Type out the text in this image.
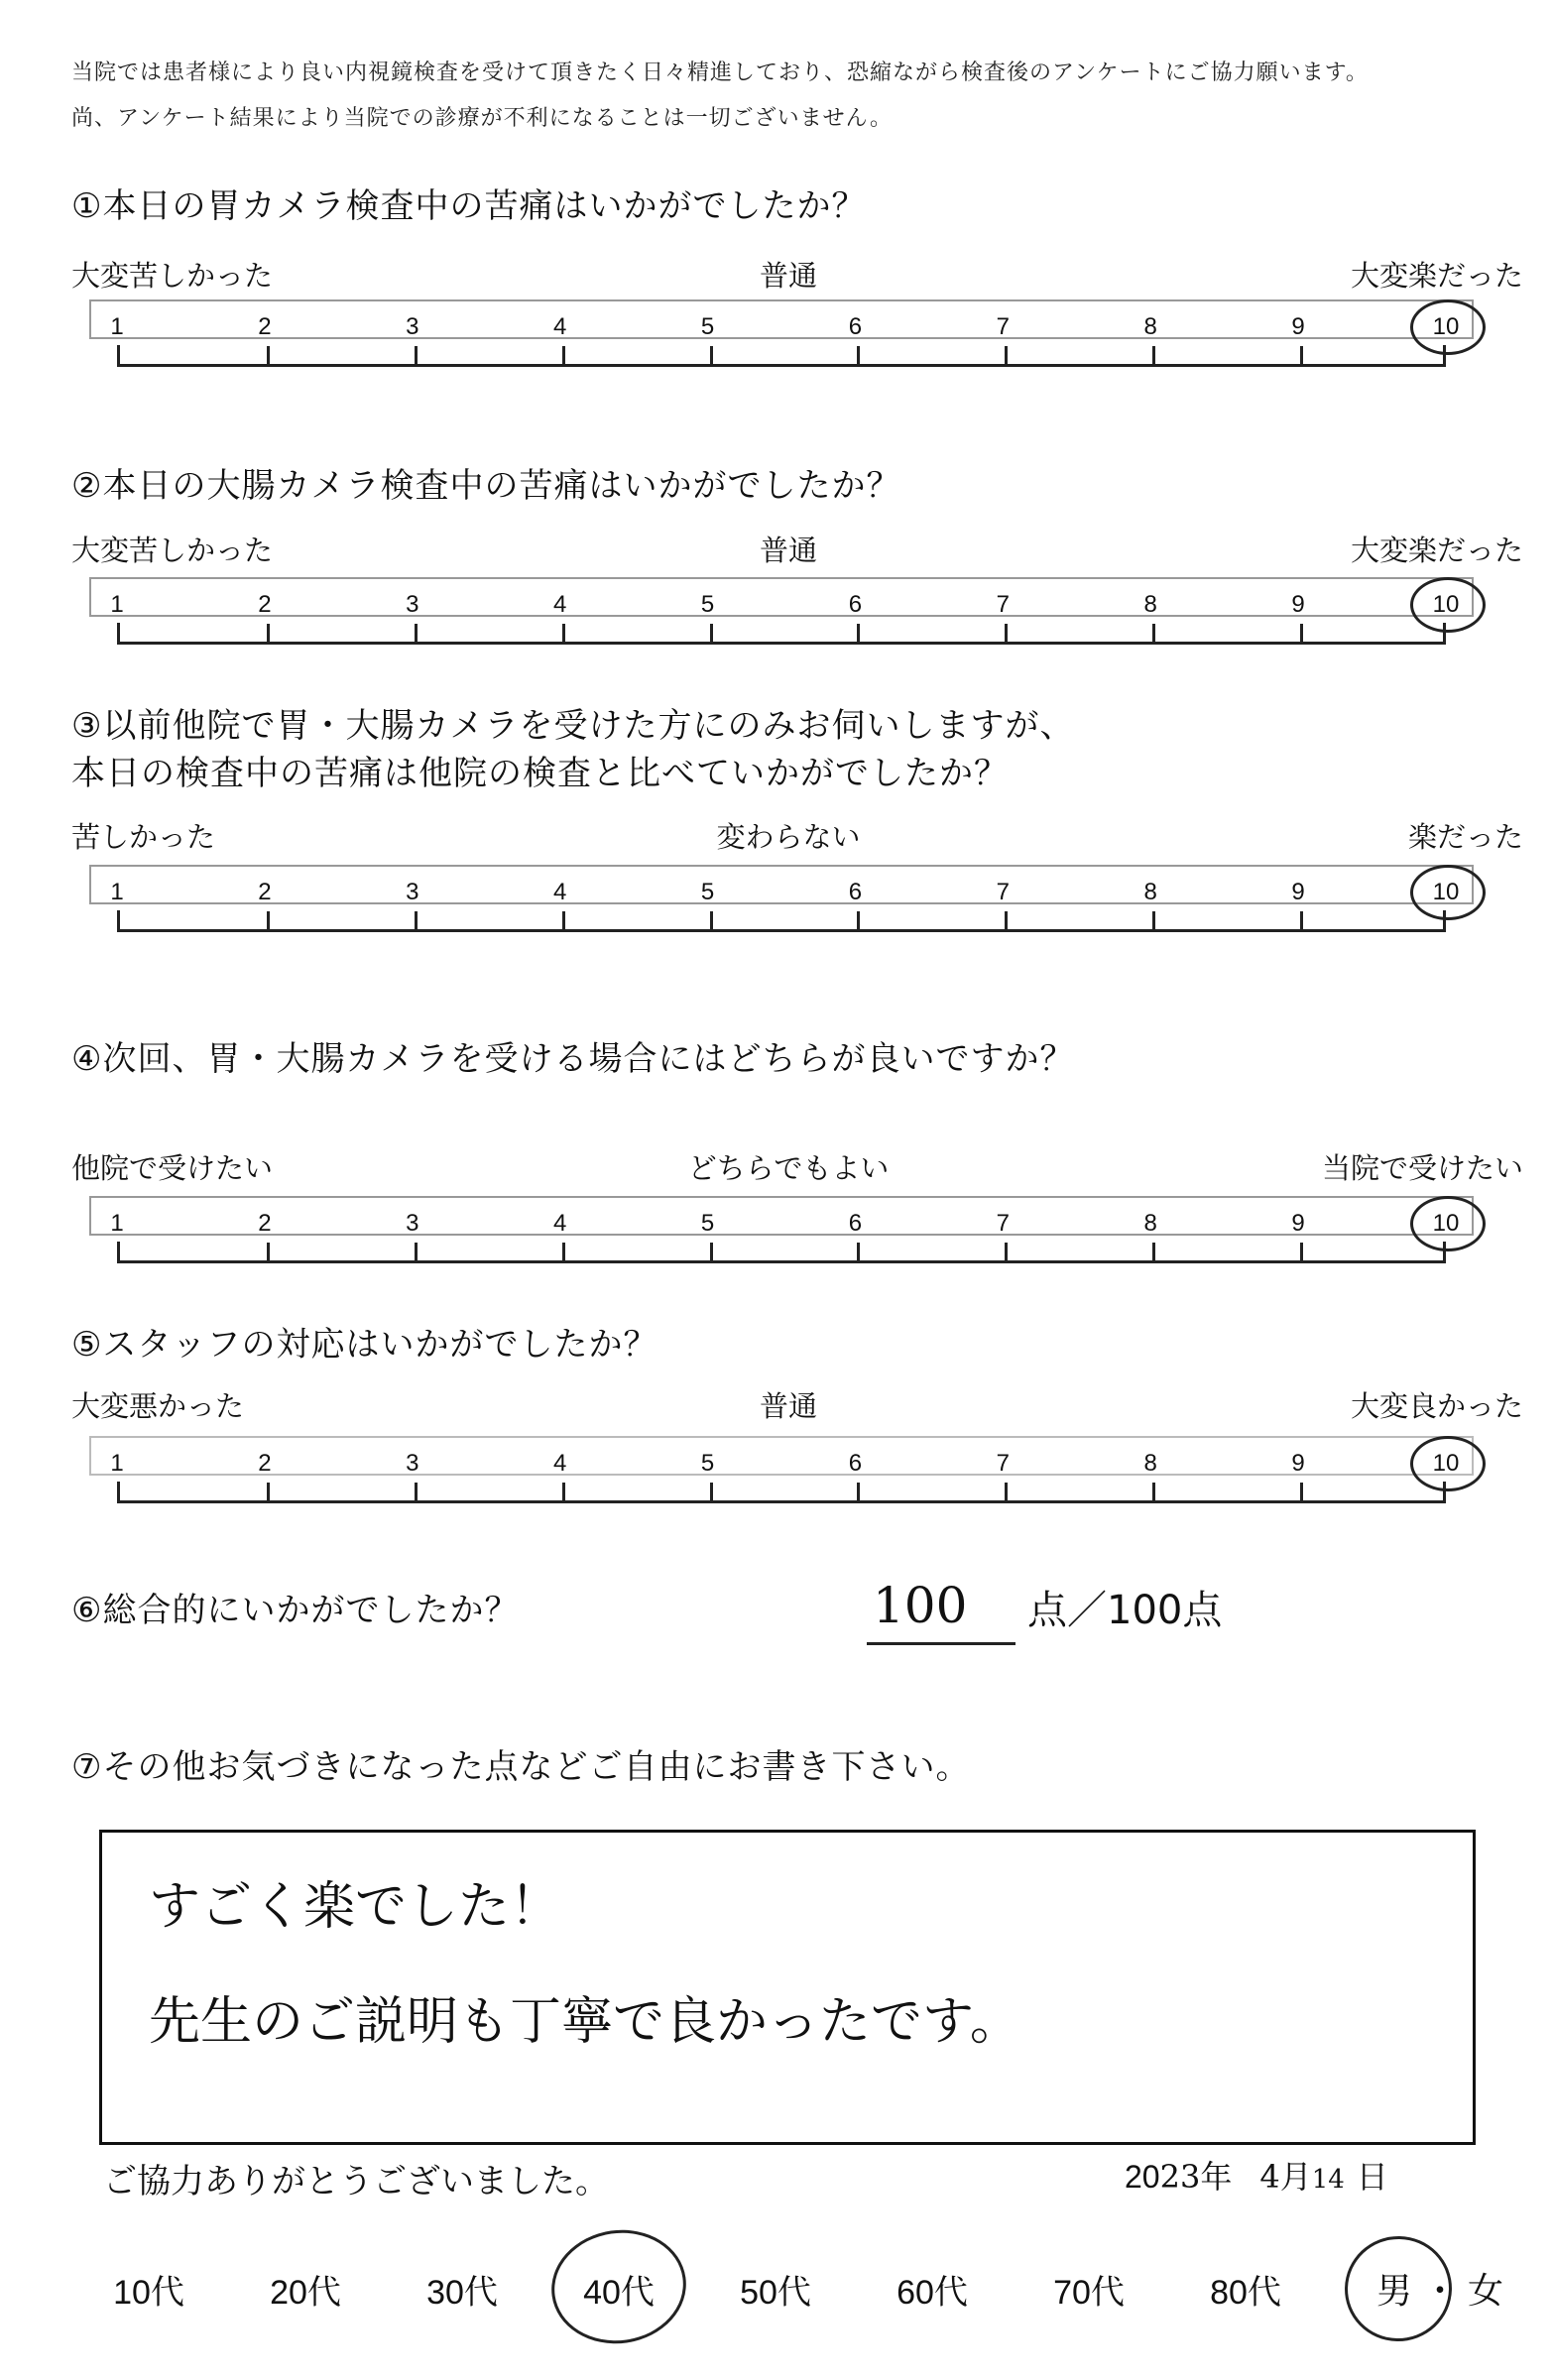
当院では患者様により良い内視鏡検査を受けて頂きたく日々精進しており、恐縮ながら検査後のアンケートにご協力願います。
尚、アンケート結果により当院での診療が不利になることは一切ございません。
①本日の胃カメラ検査中の苦痛はいかがでしたか？
大変苦しかった	普通	大変楽だった
②本日の大腸カメラ検査中の苦痛はいかがでしたか？
大変苦しかった	普通	大変楽だった
③以前他院で胃・大腸カメラを受けた方にのみお伺いしますが、
本日の検査中の苦痛は他院の検査と比べていかがでしたか？
苦しかった	変わらない	楽だった
④次回、胃・大腸カメラを受ける場合にはどちらが良いですか？
他院で受けたい	どちらでもよい	当院で受けたい
⑤スタッフの対応はいかがでしたか？
大変悪かった	普通	大変良かった
⑥総合的にいかがでしたか？	100 点／100点
⑦その他お気づきになった点などご自由にお書き下さい。
すごく楽でした！
先生のご説明も丁寧で良かったです。
ご協力ありがとうございました。	2023年 4月14 日
10代	20代	30代	40代	50代	60代	70代	80代	男 ・ 女
1	2	3	4	5	6	7	8	9	10
1	2	3	4	5	6	7	8	9	10
1	2	3	4	5	6	7	8	9	10
1	2	3	4	5	6	7	8	9	10
1	2	3	4	5	6	7	8	9	10
